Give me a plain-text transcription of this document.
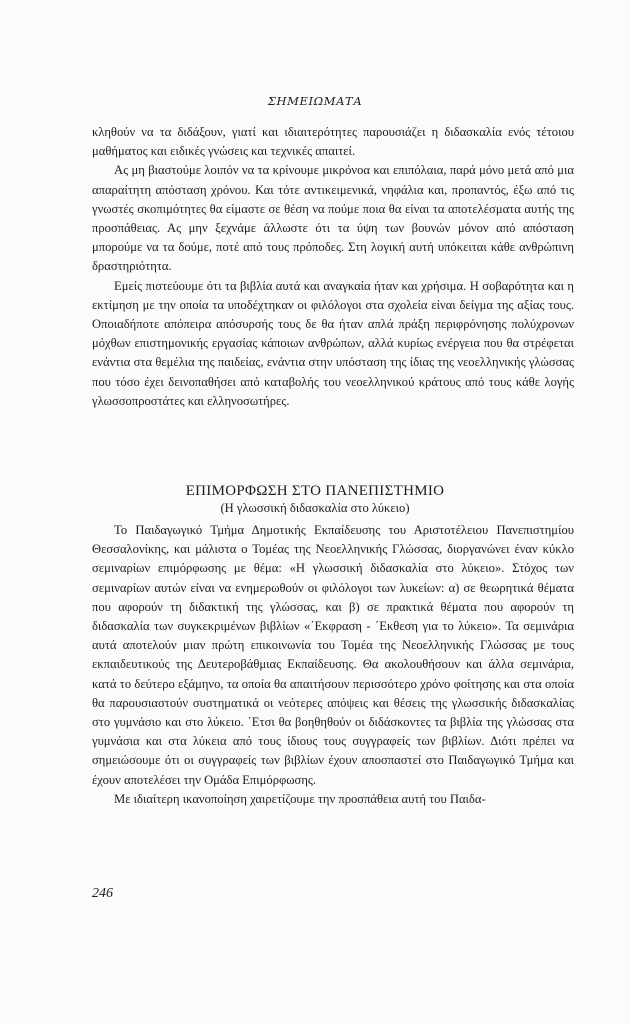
ΣΗΜΕΙΩΜΑΤΑ

κληθούν να τα διδάξουν, γιατί και ιδιαιτερότητες παρουσιάζει η διδασκαλία ενός τέτοιου μαθήματος και ειδικές γνώσεις και τεχνικές απαιτεί.

Ας μη βιαστούμε λοιπόν να τα κρίνουμε μικρόνοα και επιπόλαια, παρά μόνο μετά από μια απαραίτητη απόσταση χρόνου. Και τότε αντικειμενικά, νηφάλια και, προπαντός, έξω από τις γνωστές σκοπιμότητες θα είμαστε σε θέση να πούμε ποια θα είναι τα αποτελέσματα αυτής της προσπάθειας. Ας μην ξεχνάμε άλλωστε ότι τα ύψη των βουνών μόνον από απόσταση μπορούμε να τα δούμε, ποτέ από τους πρόποδες. Στη λογική αυτή υπόκειται κάθε ανθρώπινη δραστηριότητα.

Εμείς πιστεύουμε ότι τα βιβλία αυτά και αναγκαία ήταν και χρήσιμα. Η σοβαρότητα και η εκτίμηση με την οποία τα υποδέχτηκαν οι φιλόλογοι στα σχολεία είναι δείγμα της αξίας τους. Οποιαδήποτε απόπειρα απόσυρσής τους δε θα ήταν απλά πράξη περιφρόνησης πολύχρονων μόχθων επιστημονικής εργασίας κάποιων ανθρώπων, αλλά κυρίως ενέργεια που θα στρέφεται ενάντια στα θεμέλια της παιδείας, ενάντια στην υπόσταση της ίδιας της νεοελληνικής γλώσσας που τόσο έχει δεινοπαθήσει από καταβολής του νεοελληνικού κράτους από τους κάθε λογής γλωσσοπροστάτες και ελληνοσωτήρες.

ΕΠΙΜΟΡΦΩΣΗ ΣΤΟ ΠΑΝΕΠΙΣΤΗΜΙΟ
(Η γλωσσική διδασκαλία στο λύκειο)

Το Παιδαγωγικό Τμήμα Δημοτικής Εκπαίδευσης του Αριστοτέλειου Πανεπιστημίου Θεσσαλονίκης, και μάλιστα ο Τομέας της Νεοελληνικής Γλώσσας, διοργανώνει έναν κύκλο σεμιναρίων επιμόρφωσης με θέμα: «Η γλωσσική διδασκαλία στο λύκειο». Στόχος των σεμιναρίων αυτών είναι να ενημερωθούν οι φιλόλογοι των λυκείων: α) σε θεωρητικά θέματα που αφορούν τη διδακτική της γλώσσας, και β) σε πρακτικά θέματα που αφορούν τη διδασκαλία των συγκεκριμένων βιβλίων «΄Εκφραση - ΄Εκθεση για το λύκειο». Τα σεμινάρια αυτά αποτελούν μιαν πρώτη επικοινωνία του Τομέα της Νεοελληνικής Γλώσσας με τους εκπαιδευτικούς της Δευτεροβάθμιας Εκπαίδευσης. Θα ακολουθήσουν και άλλα σεμινάρια, κατά το δεύτερο εξάμηνο, τα οποία θα απαιτήσουν περισσότερο χρόνο φοίτησης και στα οποία θα παρουσιαστούν συστηματικά οι νεότερες απόψεις και θέσεις της γλωσσικής διδασκαλίας στο γυμνάσιο και στο λύκειο. ΄Ετσι θα βοηθηθούν οι διδάσκοντες τα βιβλία της γλώσσας στα γυμνάσια και στα λύκεια από τους ίδιους τους συγγραφείς των βιβλίων. Διότι πρέπει να σημειώσουμε ότι οι συγγραφείς των βιβλίων έχουν αποσπαστεί στο Παιδαγωγικό Τμήμα και έχουν αποτελέσει την Ομάδα Επιμόρφωσης.

Με ιδιαίτερη ικανοποίηση χαιρετίζουμε την προσπάθεια αυτή του Παιδα-

246
